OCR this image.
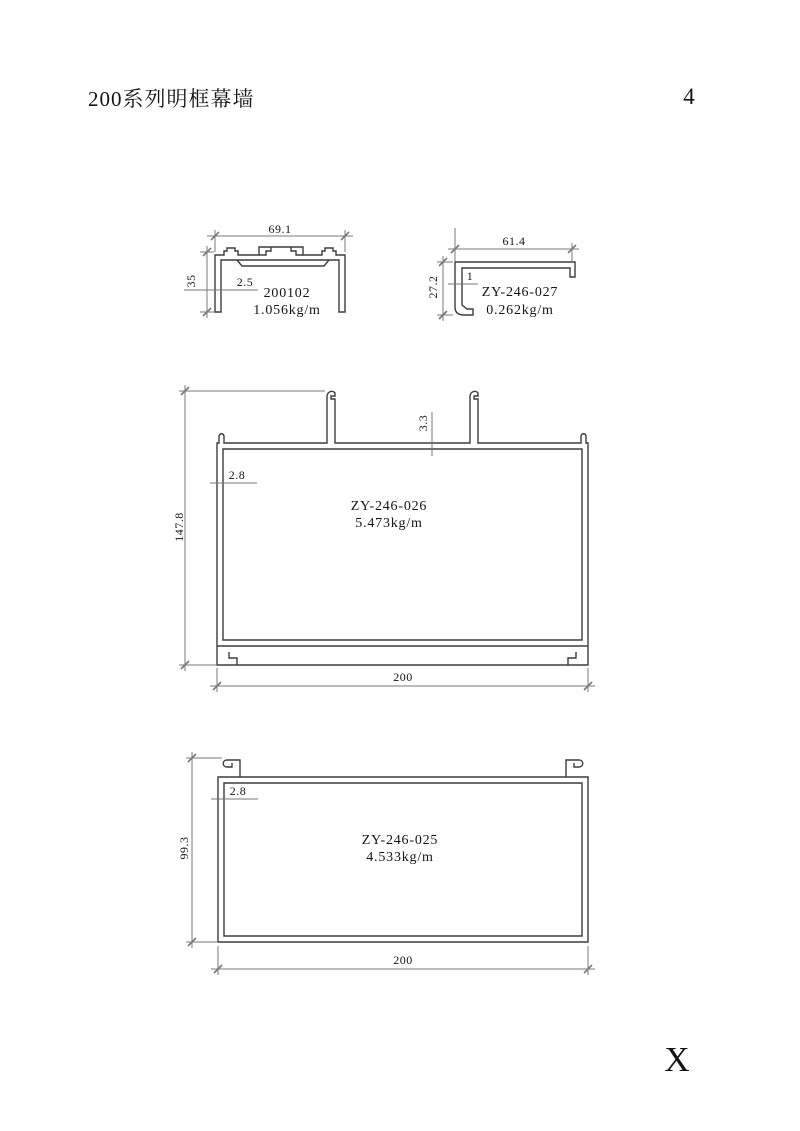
200系列明框幕墙	4
69.1
35	2.5
200102
1.056kg/m
61.4
27.2	1
ZY-246-027
0.262kg/m
147.8
2.8
3.3
ZY-246-026
5.473kg/m
200
99.3
2.8
ZY-246-025
4.533kg/m
200
X
